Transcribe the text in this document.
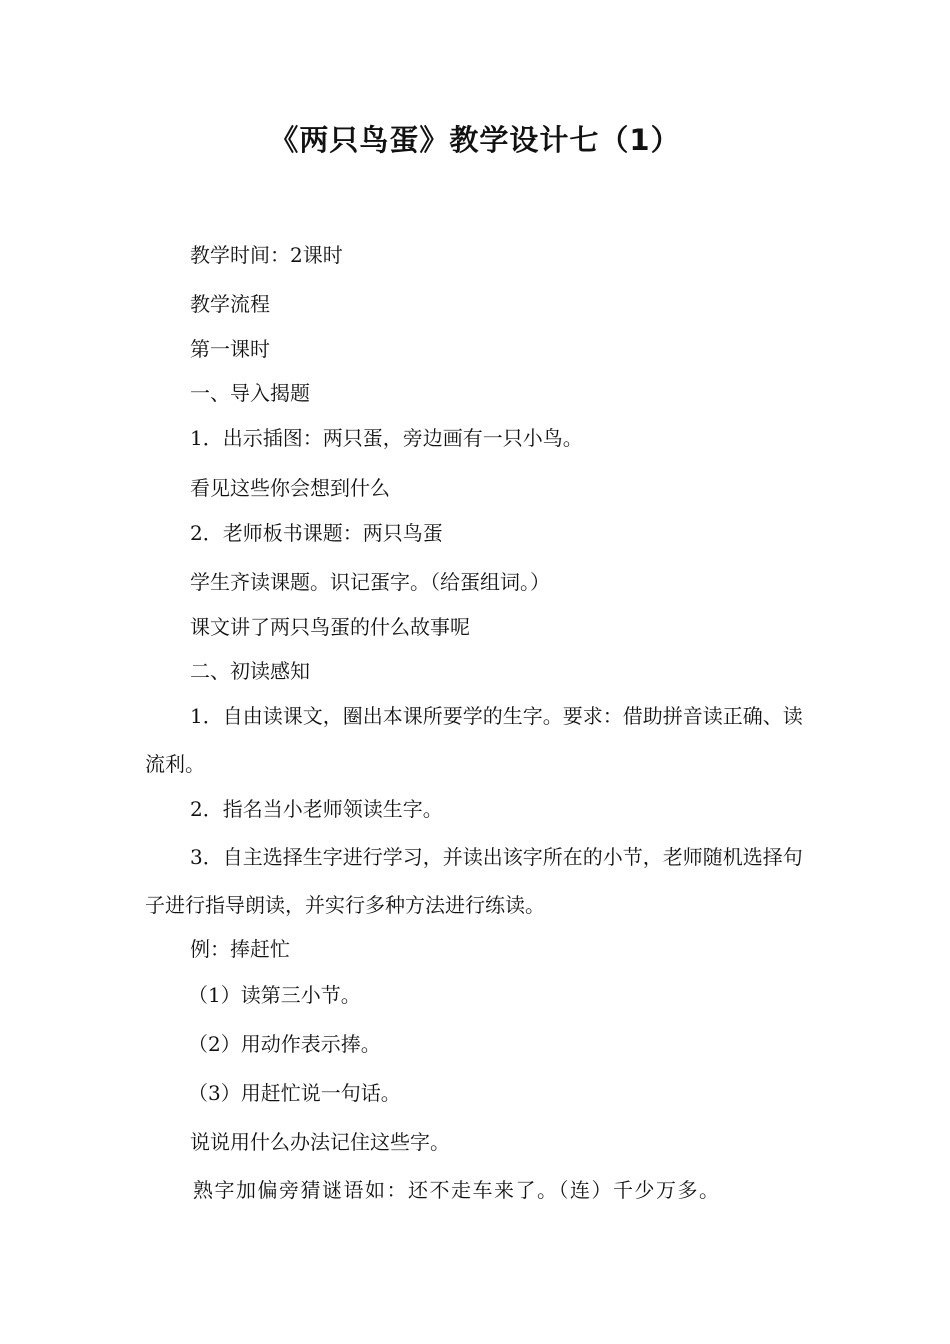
《两只鸟蛋》教学设计七（1）

教学时间：2课时

教学流程

第一课时

一、导入揭题

1．出示插图：两只蛋，旁边画有一只小鸟。

看见这些你会想到什么

2．老师板书课题：两只鸟蛋

学生齐读课题。识记蛋字。（给蛋组词。）

课文讲了两只鸟蛋的什么故事呢

二、初读感知

1．自由读课文，圈出本课所要学的生字。要求：借助拼音读正确、读流利。

2．指名当小老师领读生字。

3．自主选择生字进行学习，并读出该字所在的小节，老师随机选择句子进行指导朗读，并实行多种方法进行练读。

例：捧赶忙

（1）读第三小节。

（2）用动作表示捧。

（3）用赶忙说一句话。

说说用什么办法记住这些字。

熟字加偏旁猜谜语如：还不走车来了。（连）千少万多。
